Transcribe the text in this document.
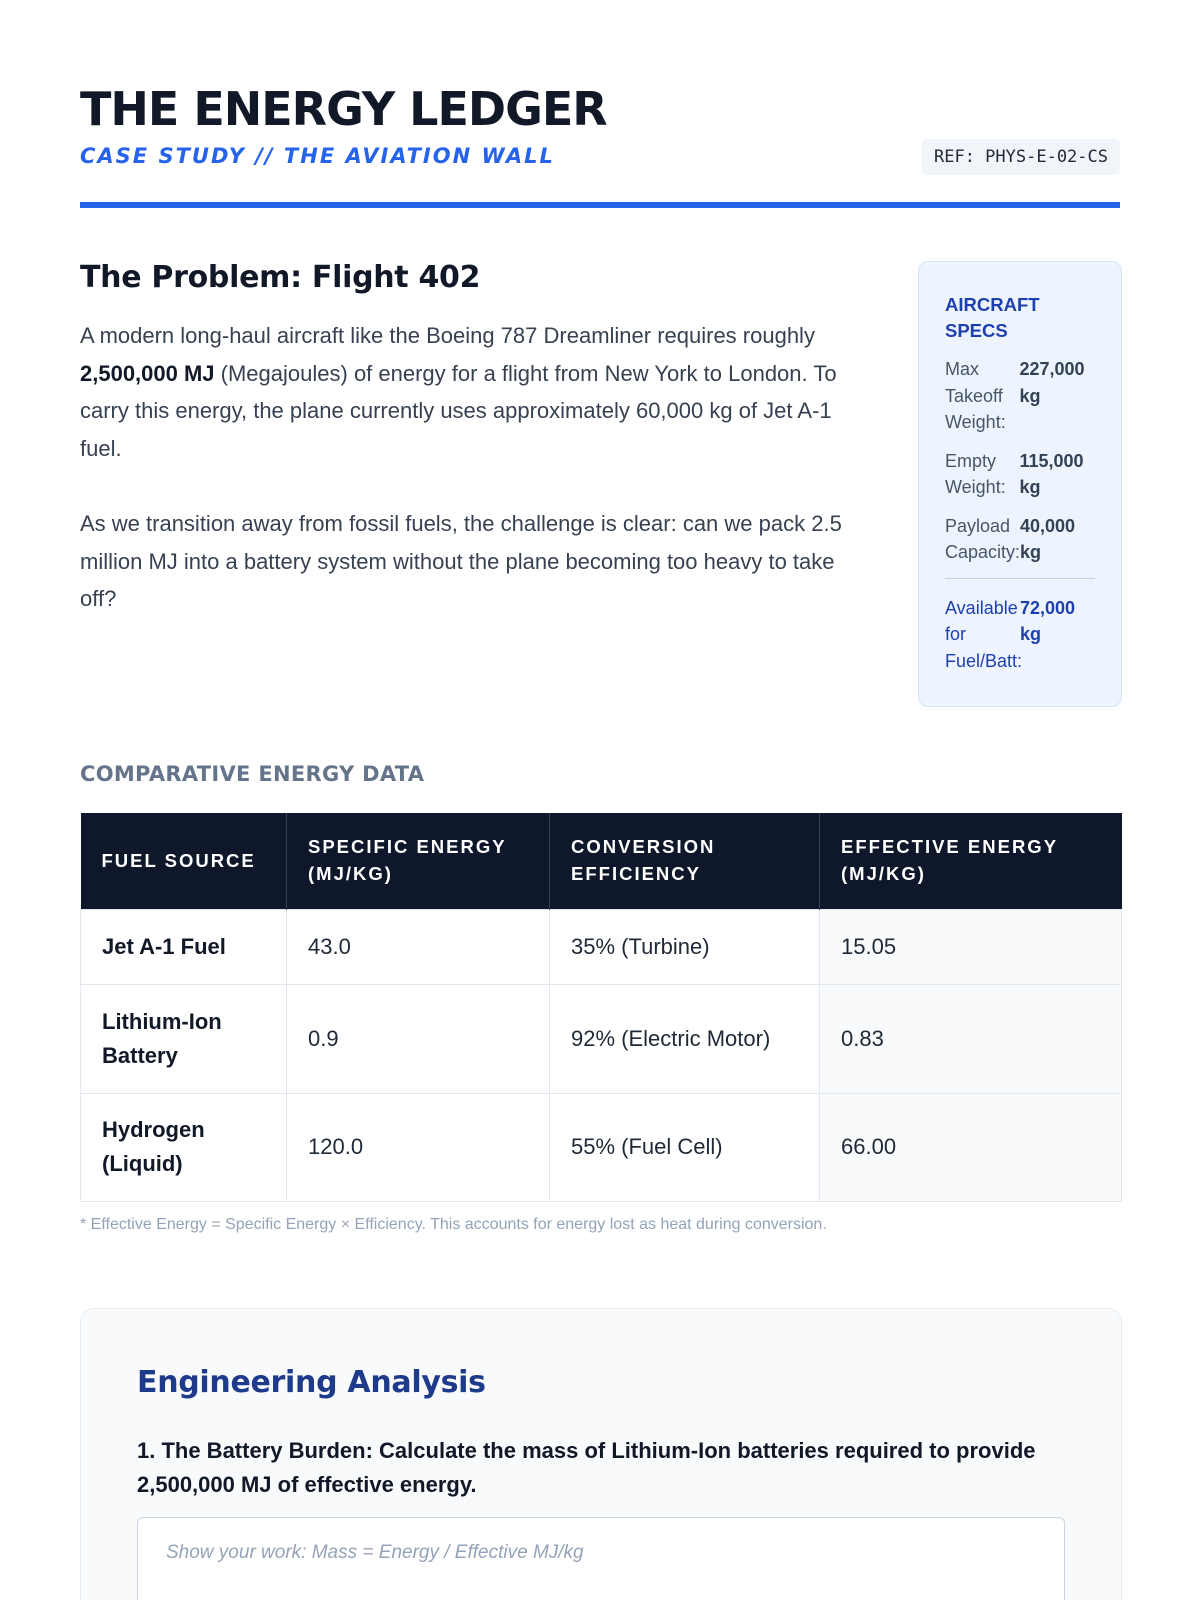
THE ENERGY LEDGER
CASE STUDY // THE AVIATION WALL	REF: PHYS-E-02-CS
The Problem: Flight 402

A modern long-haul aircraft like the Boeing 787 Dreamliner requires roughly 2,500,000 MJ (Megajoules) of energy for a flight from New York to London. To carry this energy, the plane currently uses approximately 60,000 kg of Jet A-1 fuel.

As we transition away from fossil fuels, the challenge is clear: can we pack 2.5 million MJ into a battery system without the plane becoming too heavy to take off?

AIRCRAFT SPECS
Max Takeoff Weight:
227,000 kg
Empty Weight:
115,000 kg
Payload Capacity:
40,000 kg
Available for Fuel/Batt:
72,000 kg
COMPARATIVE ENERGY DATA
FUEL SOURCE	SPECIFIC ENERGY (MJ/KG)	CONVERSION EFFICIENCY	EFFECTIVE ENERGY (MJ/KG)
Jet A-1 Fuel	43.0	35% (Turbine)	15.05
Lithium-Ion Battery	0.9	92% (Electric Motor)	0.83
Hydrogen (Liquid)	120.0	55% (Fuel Cell)	66.00
* Effective Energy = Specific Energy × Efficiency. This accounts for energy lost as heat during conversion.
Engineering Analysis
1. The Battery Burden: Calculate the mass of Lithium-Ion batteries required to provide 2,500,000 MJ of effective energy.
Show your work: Mass = Energy / Effective MJ/kg
